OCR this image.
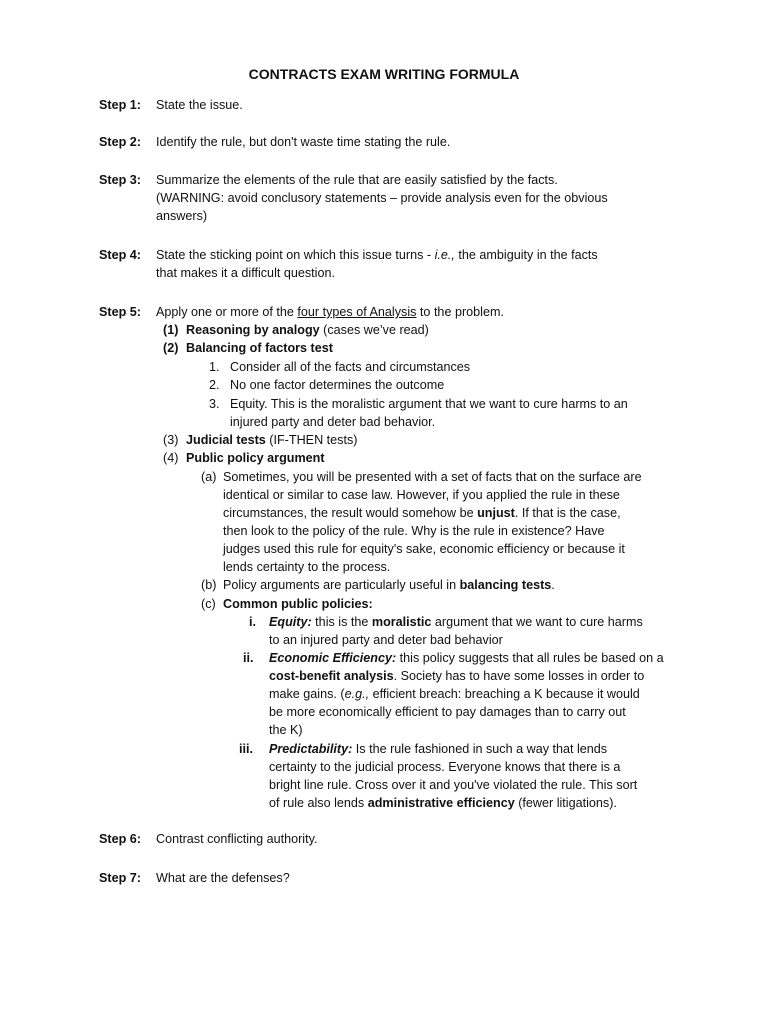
CONTRACTS EXAM WRITING FORMULA
Step 1: State the issue.
Step 2: Identify the rule, but don't waste time stating the rule.
Step 3: Summarize the elements of the rule that are easily satisfied by the facts.
(WARNING: avoid conclusory statements – provide analysis even for the obvious
answers)
Step 4: State the sticking point on which this issue turns - i.e., the ambiguity in the facts
that makes it a difficult question.
Step 5: Apply one or more of the four types of Analysis to the problem.
(1) Reasoning by analogy (cases we’ve read)
(2) Balancing of factors test
1. Consider all of the facts and circumstances
2. No one factor determines the outcome
3. Equity. This is the moralistic argument that we want to cure harms to an
injured party and deter bad behavior.
(3) Judicial tests (IF-THEN tests)
(4) Public policy argument
(a) Sometimes, you will be presented with a set of facts that on the surface are
identical or similar to case law. However, if you applied the rule in these
circumstances, the result would somehow be unjust. If that is the case,
then look to the policy of the rule. Why is the rule in existence? Have
judges used this rule for equity's sake, economic efficiency or because it
lends certainty to the process.
(b) Policy arguments are particularly useful in balancing tests.
(c) Common public policies:
i. Equity: this is the moralistic argument that we want to cure harms
to an injured party and deter bad behavior
ii. Economic Efficiency: this policy suggests that all rules be based on a
cost-benefit analysis. Society has to have some losses in order to
make gains. (e.g., efficient breach: breaching a K because it would
be more economically efficient to pay damages than to carry out
the K)
iii. Predictability: Is the rule fashioned in such a way that lends
certainty to the judicial process. Everyone knows that there is a
bright line rule. Cross over it and you've violated the rule. This sort
of rule also lends administrative efficiency (fewer litigations).
Step 6: Contrast conflicting authority.
Step 7: What are the defenses?
